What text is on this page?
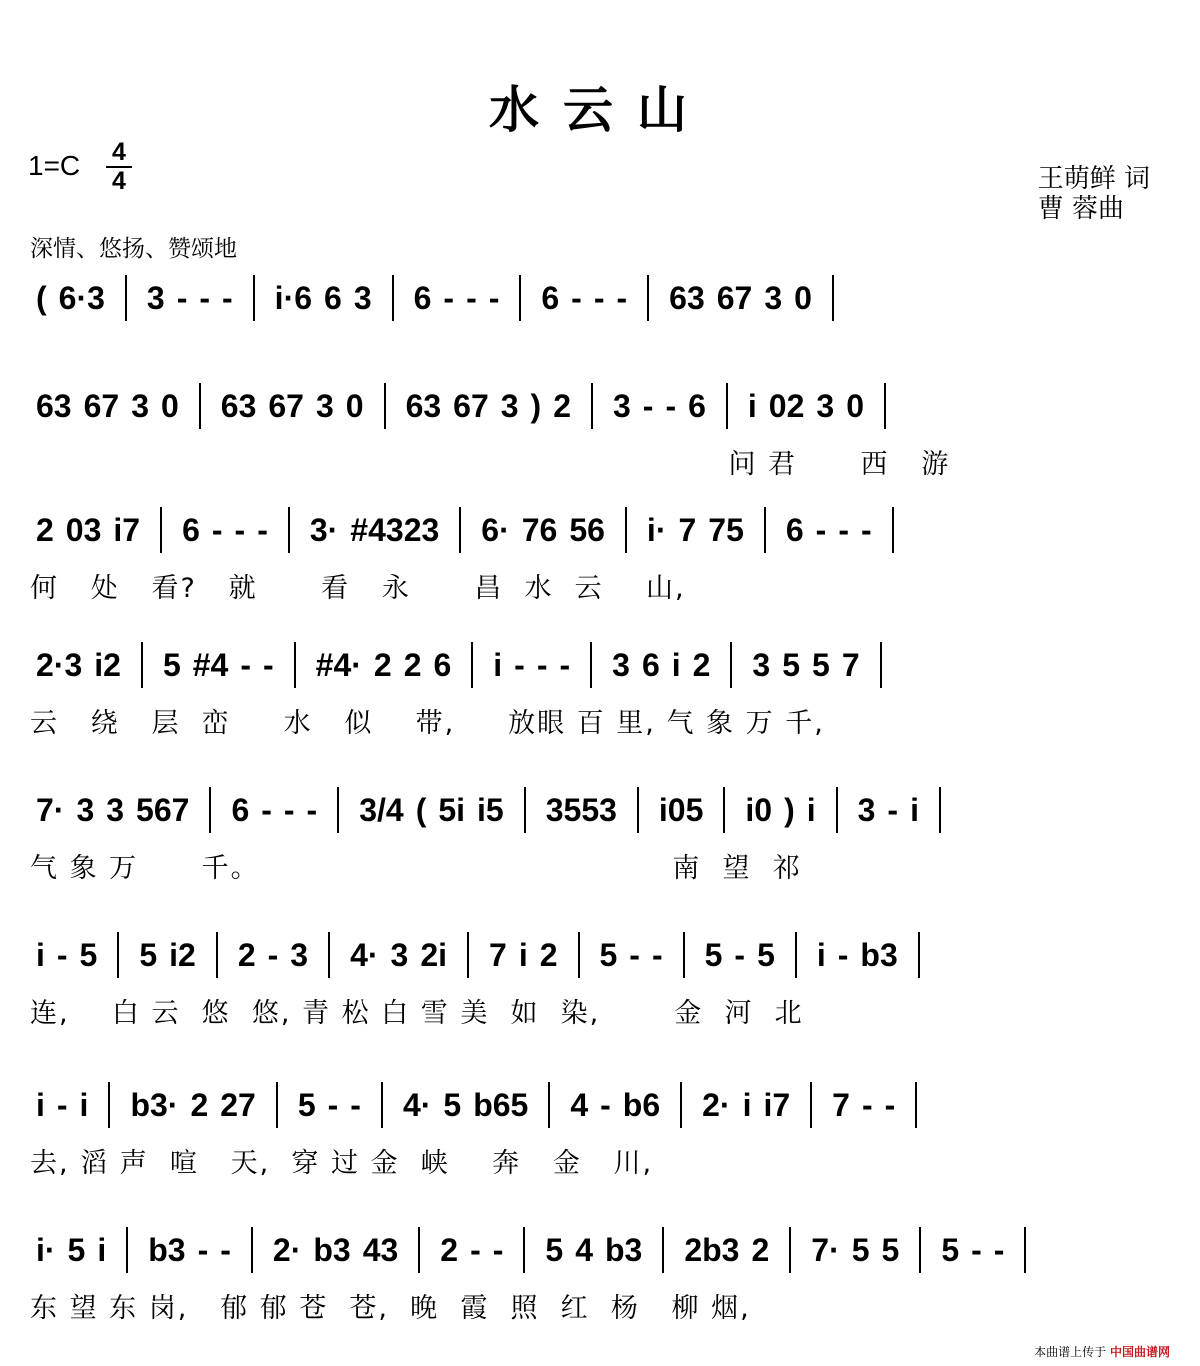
水云山
1=C 4
4	王萌鲜 词
曹 蓉曲
深情、悠扬、赞颂地
( 6·3 3 - - - i·6 6 3 6 - - - 6 - - - 63 67 3 0
63 67 3 0 63 67 3 0 63 67 3 ) 2 3 - - 6 i 02 3 0
问 君      西   游
2 03 i7 6 - - - 3· #4323 6· 76 56 i· 7 75 6 - - -
何   处   看?   就      看   永      昌  水  云    山,
2·3 i2 5 #4 - - #4· 2 2 6 i - - - 3 6 i 2 3 5 5 7
云   绕   层  峦     水   似    带,     放眼 百 里, 气 象 万 千,
7· 3 3 567 6 - - - 3/4 ( 5i i5 3553 i05 i0 ) i 3 - i
气 象 万      千。                                       南  望  祁
i - 5 5 i2 2 - 3 4· 3 2i 7 i 2 5 - - 5 - 5 i - b3
连,    白 云  悠  悠, 青 松 白 雪 美  如  染,       金  河  北
i - i b3· 2 27 5 - - 4· 5 b65 4 - b6 2· i i7 7 - -
去, 滔 声  喧   天,  穿 过 金  峡    奔   金   川,
i· 5 i b3 - - 2· b3 43 2 - - 5 4 b3 2b3 2 7· 5 5 5 - -
东 望 东 岗,   郁 郁 苍  苍,  晚  霞  照  红  杨   柳 烟,
本曲谱上传于 中国曲谱网
